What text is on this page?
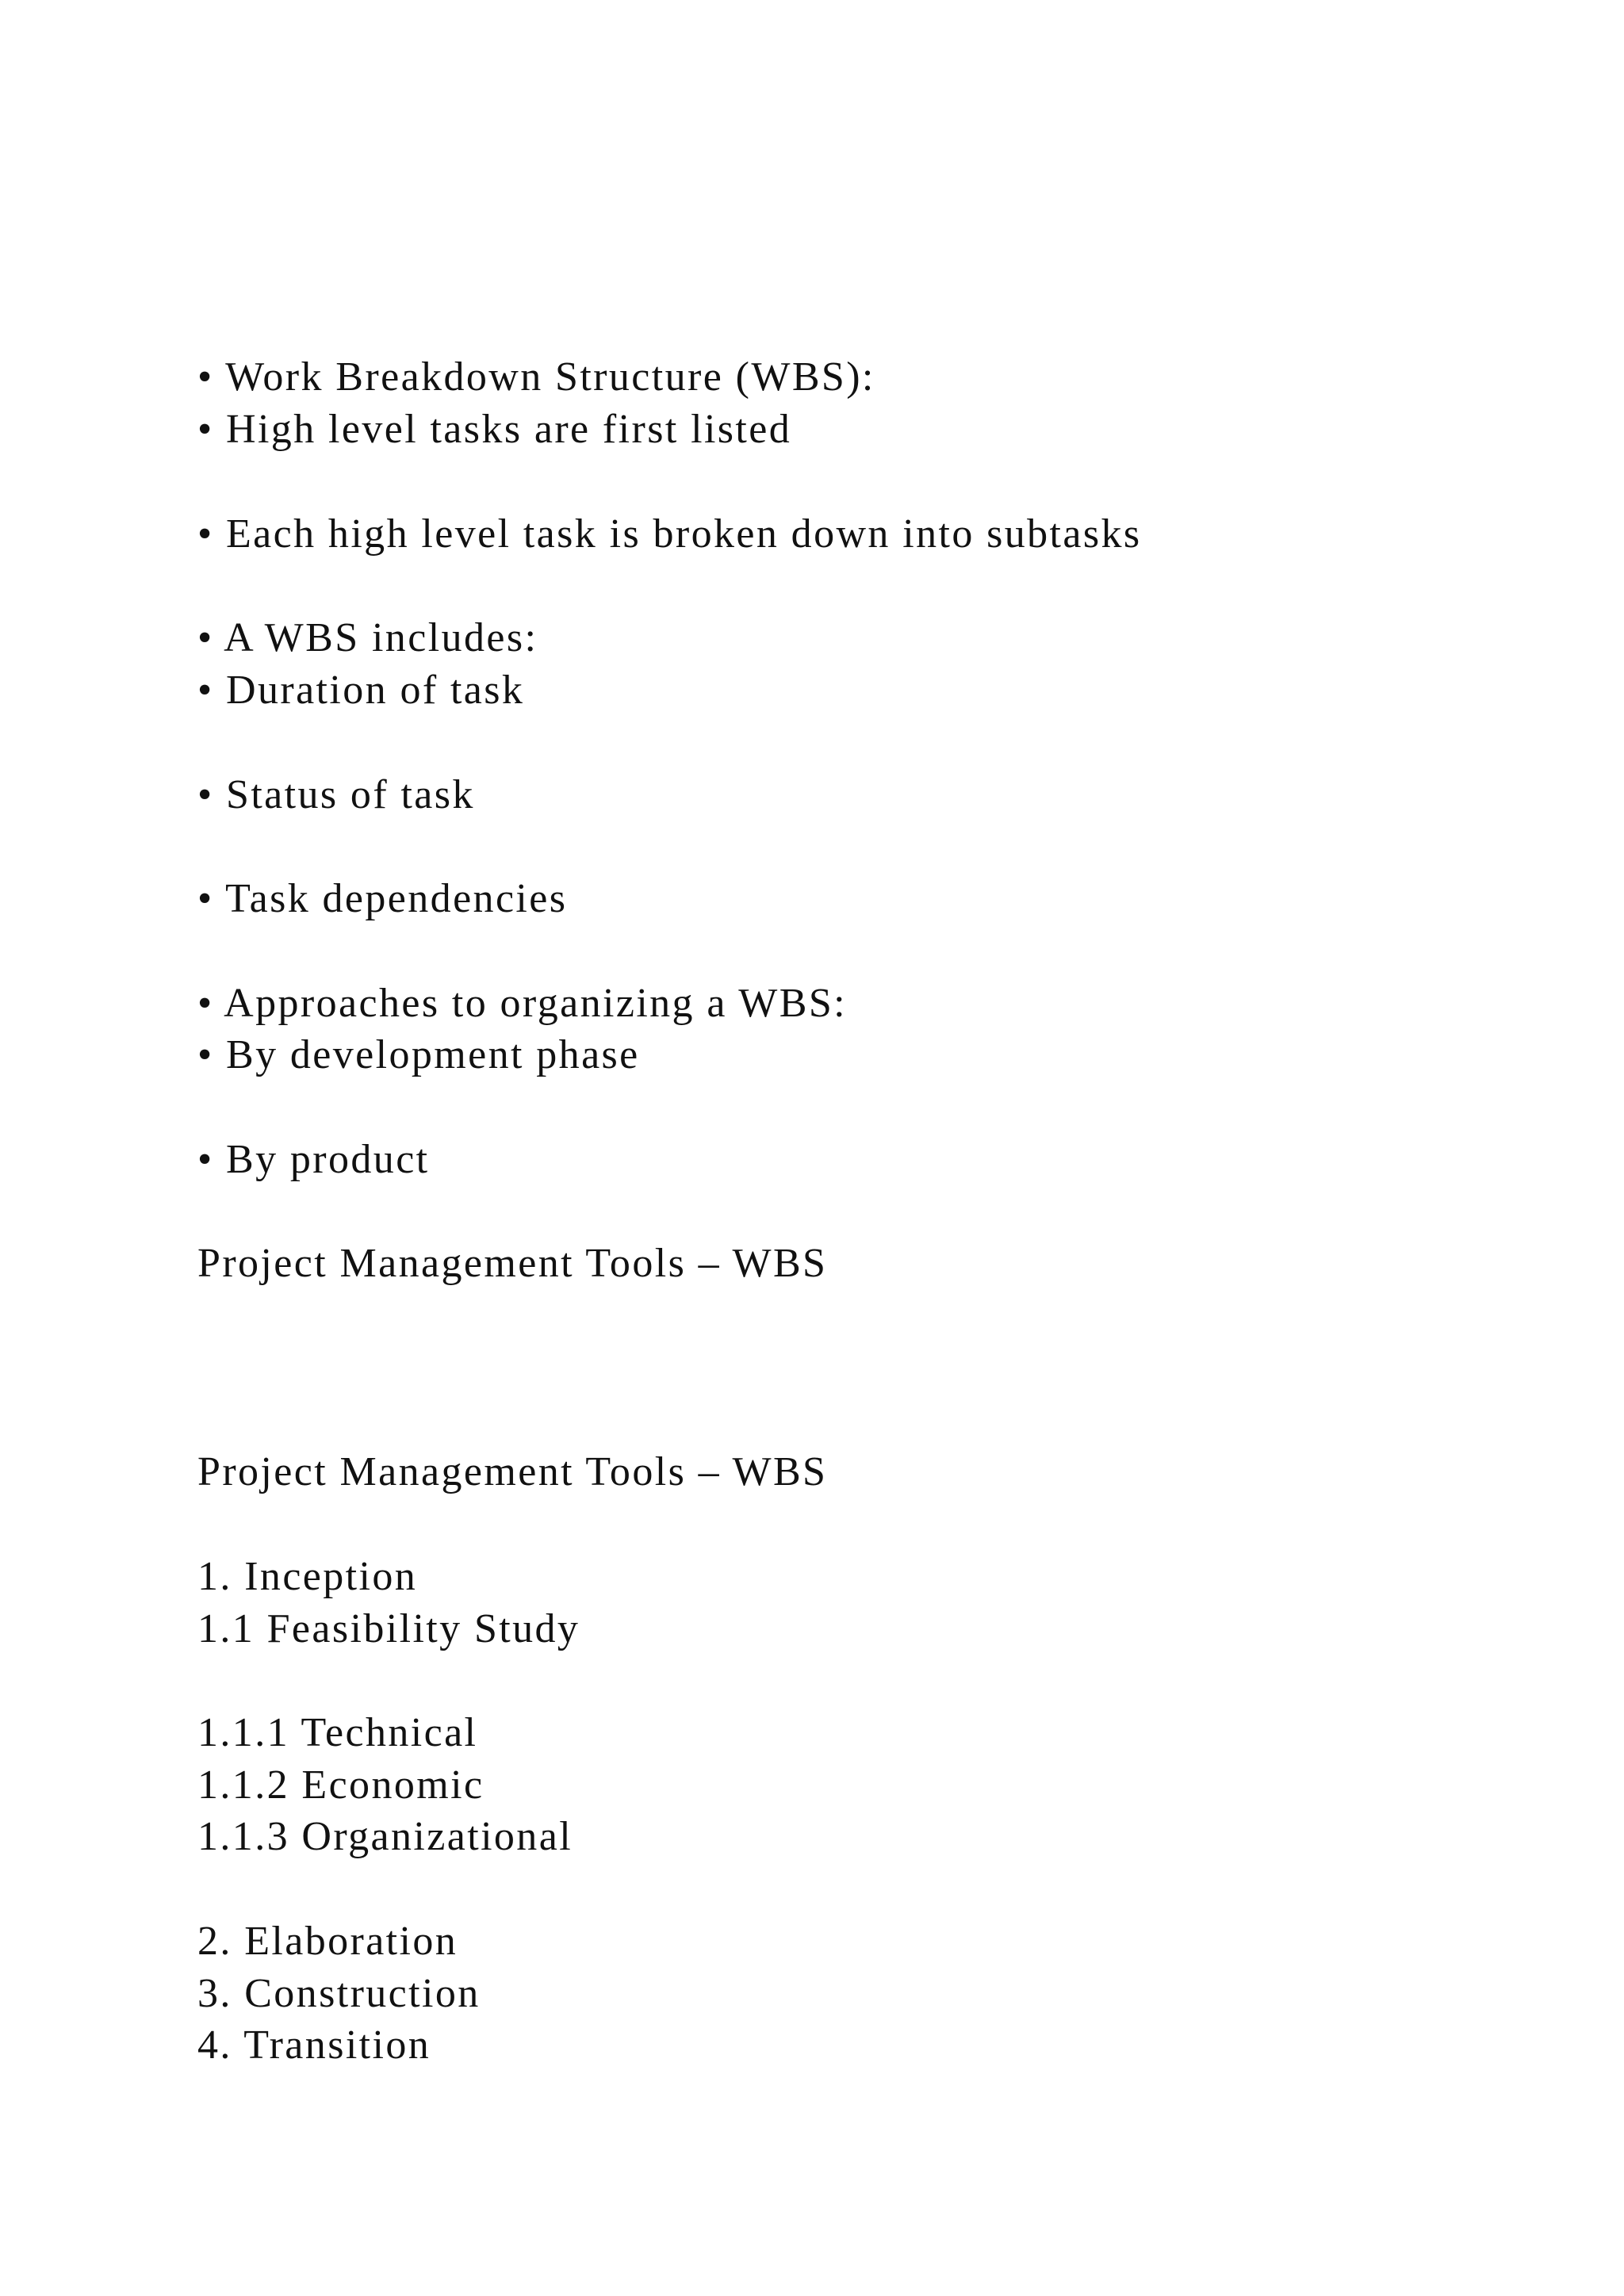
• Work Breakdown Structure (WBS):

• High level tasks are first listed

• Each high level task is broken down into subtasks

• A WBS includes:

• Duration of task

• Status of task

• Task dependencies

• Approaches to organizing a WBS:

• By development phase

• By product

Project Management Tools – WBS

Project Management Tools – WBS

1. Inception

1.1 Feasibility Study

1.1.1 Technical

1.1.2 Economic

1.1.3 Organizational

2. Elaboration

3. Construction

4. Transition
